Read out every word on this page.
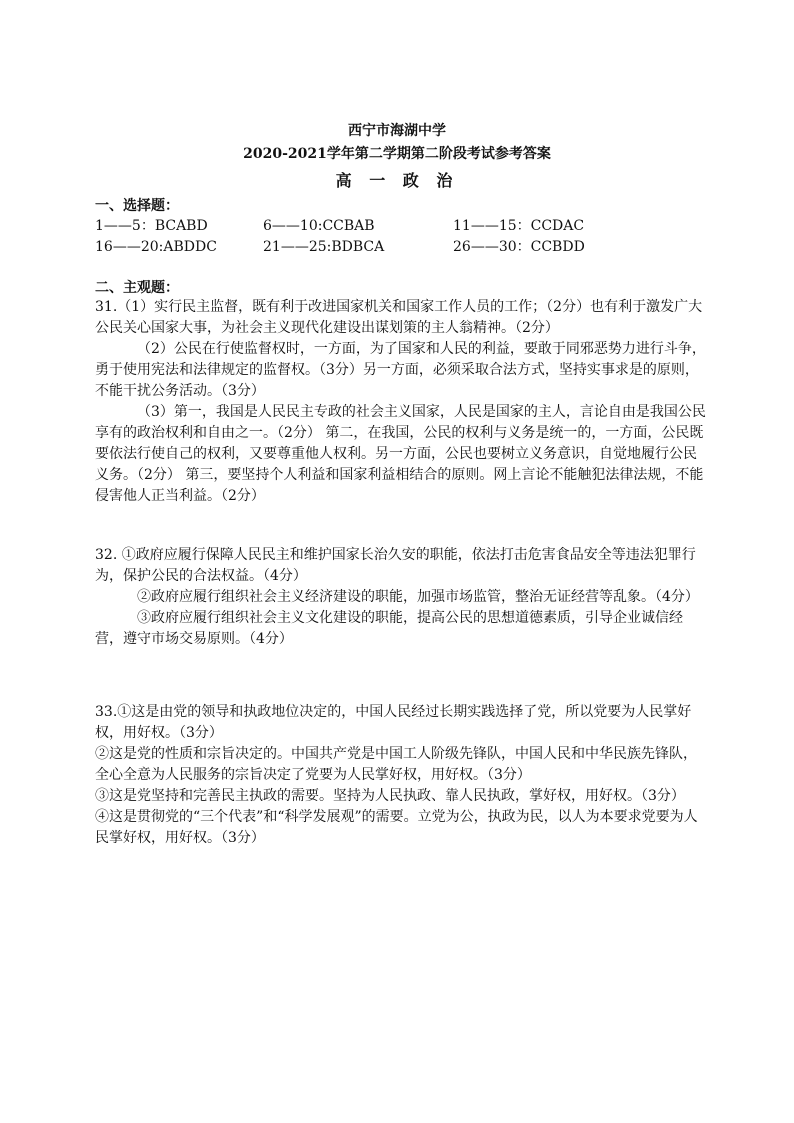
西宁市海湖中学
2020-2021学年第二学期第二阶段考试参考答案
高 一 政 治
一、选择题：
1——5：BCABD	6——10:CCBAB	11——15：CCDAC
16——20:ABDDC	21——25:BDBCA	26——30：CCBDD
二、主观题：

31.（1）实行民主监督，既有利于改进国家机关和国家工作人员的工作；（2分）也有利于激发广大公民关心国家大事，为社会主义现代化建设出谋划策的主人翁精神。（2分）

（2）公民在行使监督权时，一方面，为了国家和人民的利益，要敢于同邪恶势力进行斗争，勇于使用宪法和法律规定的监督权。（3分）另一方面，必须采取合法方式，坚持实事求是的原则，不能干扰公务活动。（3分）

（3）第一，我国是人民民主专政的社会主义国家，人民是国家的主人，言论自由是我国公民享有的政治权利和自由之一。（2分） 第二，在我国，公民的权利与义务是统一的，一方面，公民既要依法行使自己的权利，又要尊重他人权利。另一方面，公民也要树立义务意识，自觉地履行公民义务。（2分） 第三，要坚持个人利益和国家利益相结合的原则。网上言论不能触犯法律法规，不能侵害他人正当利益。（2分）

32. ①政府应履行保障人民民主和维护国家长治久安的职能，依法打击危害食品安全等违法犯罪行为，保护公民的合法权益。（4分）

②政府应履行组织社会主义经济建设的职能，加强市场监管，整治无证经营等乱象。（4分）

③政府应履行组织社会主义文化建设的职能，提高公民的思想道德素质，引导企业诚信经营，遵守市场交易原则。（4分）

33.①这是由党的领导和执政地位决定的，中国人民经过长期实践选择了党，所以党要为人民掌好权，用好权。（3分）

②这是党的性质和宗旨决定的。中国共产党是中国工人阶级先锋队，中国人民和中华民族先锋队，全心全意为人民服务的宗旨决定了党要为人民掌好权，用好权。（3分）

③这是党坚持和完善民主执政的需要。坚持为人民执政、靠人民执政，掌好权，用好权。（3分）

④这是贯彻党的“三个代表”和“科学发展观”的需要。立党为公，执政为民，以人为本要求党要为人民掌好权，用好权。（3分）
